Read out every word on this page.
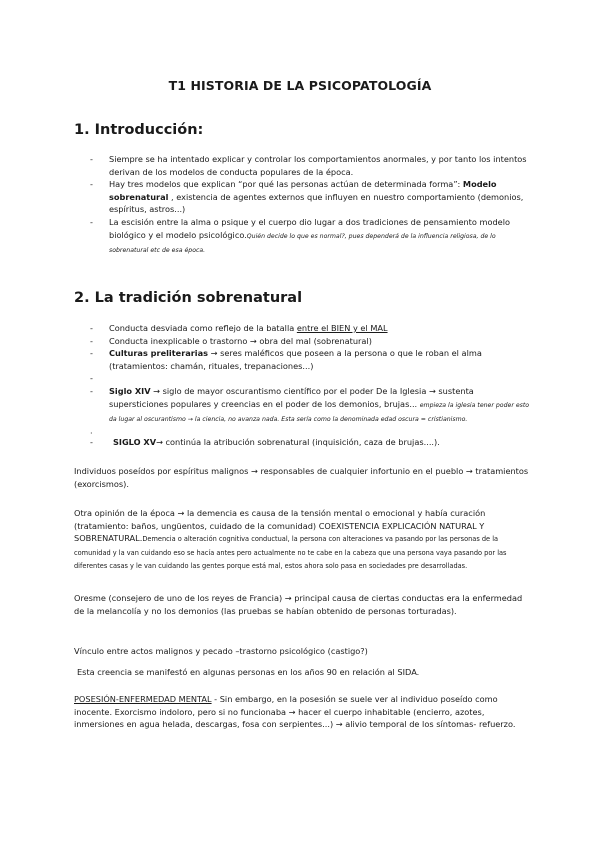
T1 HISTORIA DE LA PSICOPATOLOGÍA
1. Introducción:
- Siempre se ha intentado explicar y controlar los comportamientos anormales, y por tanto los intentos derivan de los modelos de conducta populares de la época.
- Hay tres modelos que explican “por qué las personas actúan de determinada forma”: Modelo sobrenatural , existencia de agentes externos que influyen en nuestro comportamiento (demonios, espíritus, astros...)
- La escisión entre la alma o psique y el cuerpo dio lugar a dos tradiciones de pensamiento modelo biológico y el modelo psicológico.Quién decide lo que es normal?, pues dependerá de la influencia religiosa, de lo sobrenatural etc de esa época.
2. La tradición sobrenatural
- Conducta desviada como reflejo de la batalla entre el BIEN y el MAL
- Conducta inexplicable o trastorno → obra del mal (sobrenatural)
- Culturas preliterarias → seres maléficos que poseen a la persona o que le roban el alma (tratamientos: chamán, rituales, trepanaciones...)
-
- Siglo XIV → siglo de mayor oscurantismo científico por el poder De la Iglesia → sustenta supersticiones populares y creencias en el poder de los demonios, brujas... empieza la iglesia tener poder esto da lugar al oscurantismo → la ciencia, no avanza nada. Esta sería como la denominada edad oscura = cristianismo.
·
- SIGLO XV→ continúa la atribución sobrenatural (inquisición, caza de brujas....).

Individuos poseídos por espíritus malignos → responsables de cualquier infortunio en el pueblo → tratamientos (exorcismos).

Otra opinión de la época → la demencia es causa de la tensión mental o emocional y había curación (tratamiento: baños, ungüentos, cuidado de la comunidad) COEXISTENCIA EXPLICACIÓN NATURAL Y SOBRENATURAL.Demencia o alteración cognitiva conductual, la persona con alteraciones va pasando por las personas de la comunidad y la van cuidando eso se hacía antes pero actualmente no te cabe en la cabeza que una persona vaya pasando por las diferentes casas y le van cuidando las gentes porque está mal, estos ahora solo pasa en sociedades pre desarrolladas.

Oresme (consejero de uno de los reyes de Francia) → principal causa de ciertas conductas era la enfermedad de la melancolía y no los demonios (las pruebas se habían obtenido de personas torturadas).

Vínculo entre actos malignos y pecado –trastorno psicológico (castigo?)

Esta creencia se manifestó en algunas personas en los años 90 en relación al SIDA.

POSESIÓN-ENFERMEDAD MENTAL - Sin embargo, en la posesión se suele ver al individuo poseído como inocente. Exorcismo indoloro, pero si no funcionaba → hacer el cuerpo inhabitable (encierro, azotes, inmersiones en agua helada, descargas, fosa con serpientes...) → alivio temporal de los síntomas- refuerzo.
